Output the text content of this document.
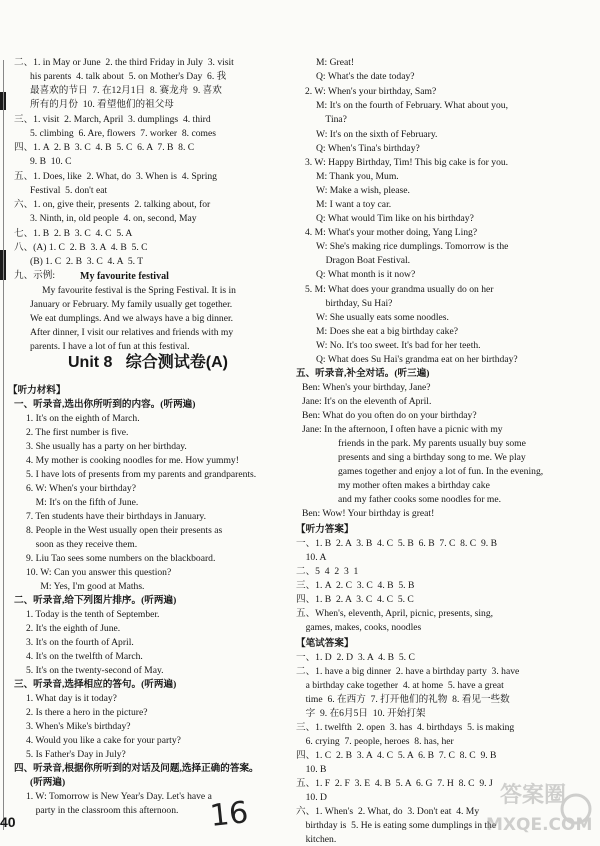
二、1. in May or June  2. the third Friday in July  3. visit
his parents  4. talk about  5. on Mother's Day  6. 我
最喜欢的节日  7. 在12月1日  8. 赛龙舟  9. 喜欢
所有的月份  10. 看望他们的祖父母
三、1. visit  2. March, April  3. dumplings  4. third
5. climbing  6. Are, flowers  7. worker  8. comes
四、1. A  2. B  3. C  4. B  5. C  6. A  7. B  8. C
9. B  10. C
五、1. Does, like  2. What, do  3. When is  4. Spring
Festival  5. don't eat
六、1. on, give their, presents  2. talking about, for
3. Ninth, in, old people  4. on, second, May
七、1. B  2. B  3. C  4. C  5. A
八、(A) 1. C  2. B  3. A  4. B  5. C
(B) 1. C  2. B  3. C  4. A  5. T
九、示例: My favourite festival
My favourite festival is the Spring Festival. It is in
January or February. My family usually get together.
We eat dumplings. And we always have a big dinner.
After dinner, I visit our relatives and friends with my
parents. I have a lot of fun at this festival.
Unit 8   综合测试卷(A)
【听力材料】
一、听录音,选出你所听到的内容。(听两遍)
1. It's on the eighth of March.
2. The first number is five.
3. She usually has a party on her birthday.
4. My mother is cooking noodles for me. How yummy!
5. I have lots of presents from my parents and grandparents.
6. W: When's your birthday?
M: It's on the fifth of June.
7. Ten students have their birthdays in January.
8. People in the West usually open their presents as
soon as they receive them.
9. Liu Tao sees some numbers on the blackboard.
10. W: Can you answer this question?
M: Yes, I'm good at Maths.
二、听录音,给下列图片排序。(听两遍)
1. Today is the tenth of September.
2. It's the eighth of June.
3. It's on the fourth of April.
4. It's on the twelfth of March.
5. It's on the twenty-second of May.
三、听录音,选择相应的答句。(听两遍)
1. What day is it today?
2. Is there a hero in the picture?
3. When's Mike's birthday?
4. Would you like a cake for your party?
5. Is Father's Day in July?
四、听录音,根据你所听到的对话及问题,选择正确的答案。
(听两遍)
1. W: Tomorrow is New Year's Day. Let's have a
party in the classroom this afternoon.
M: Great!
Q: What's the date today?
2. W: When's your birthday, Sam?
M: It's on the fourth of February. What about you,
Tina?
W: It's on the sixth of February.
Q: When's Tina's birthday?
3. W: Happy Birthday, Tim! This big cake is for you.
M: Thank you, Mum.
W: Make a wish, please.
M: I want a toy car.
Q: What would Tim like on his birthday?
4. M: What's your mother doing, Yang Ling?
W: She's making rice dumplings. Tomorrow is the
Dragon Boat Festival.
Q: What month is it now?
5. M: What does your grandma usually do on her
birthday, Su Hai?
W: She usually eats some noodles.
M: Does she eat a big birthday cake?
W: No. It's too sweet. It's bad for her teeth.
Q: What does Su Hai's grandma eat on her birthday?
五、听录音,补全对话。(听三遍)
Ben: When's your birthday, Jane?
Jane: It's on the eleventh of April.
Ben: What do you often do on your birthday?
Jane: In the afternoon, I often have a picnic with my
friends in the park. My parents usually buy some
presents and sing a birthday song to me. We play
games together and enjoy a lot of fun. In the evening,
my mother often makes a birthday cake
and my father cooks some noodles for me.
Ben: Wow! Your birthday is great!
【听力答案】
一、1. B  2. A  3. B  4. C  5. B  6. B  7. C  8. C  9. B
10. A
二、5  4  2  3  1
三、1. A  2. C  3. C  4. B  5. B
四、1. B  2. A  3. C  4. C  5. C
五、When's, eleventh, April, picnic, presents, sing,
games, makes, cooks, noodles
【笔试答案】
一、1. D  2. D  3. A  4. B  5. C
二、1. have a big dinner  2. have a birthday party  3. have
a birthday cake together  4. at home  5. have a great
time  6. 在西方  7. 打开他们的礼物  8. 看见一些数
字  9. 在6月5日  10. 开始打架
三、1. twelfth  2. open  3. has  4. birthdays  5. is making
6. crying  7. people, heroes  8. has, her
四、1. C  2. B  3. A  4. C  5. A  6. B  7. C  8. C  9. B
10. B
五、1. F  2. F  3. E  4. B  5. A  6. G  7. H  8. C  9. J
10. D
六、1. When's  2. What, do  3. Don't eat  4. My
birthday is  5. He is eating some dumplings in the
kitchen.
40	16	答案圈
MXQE.COM
